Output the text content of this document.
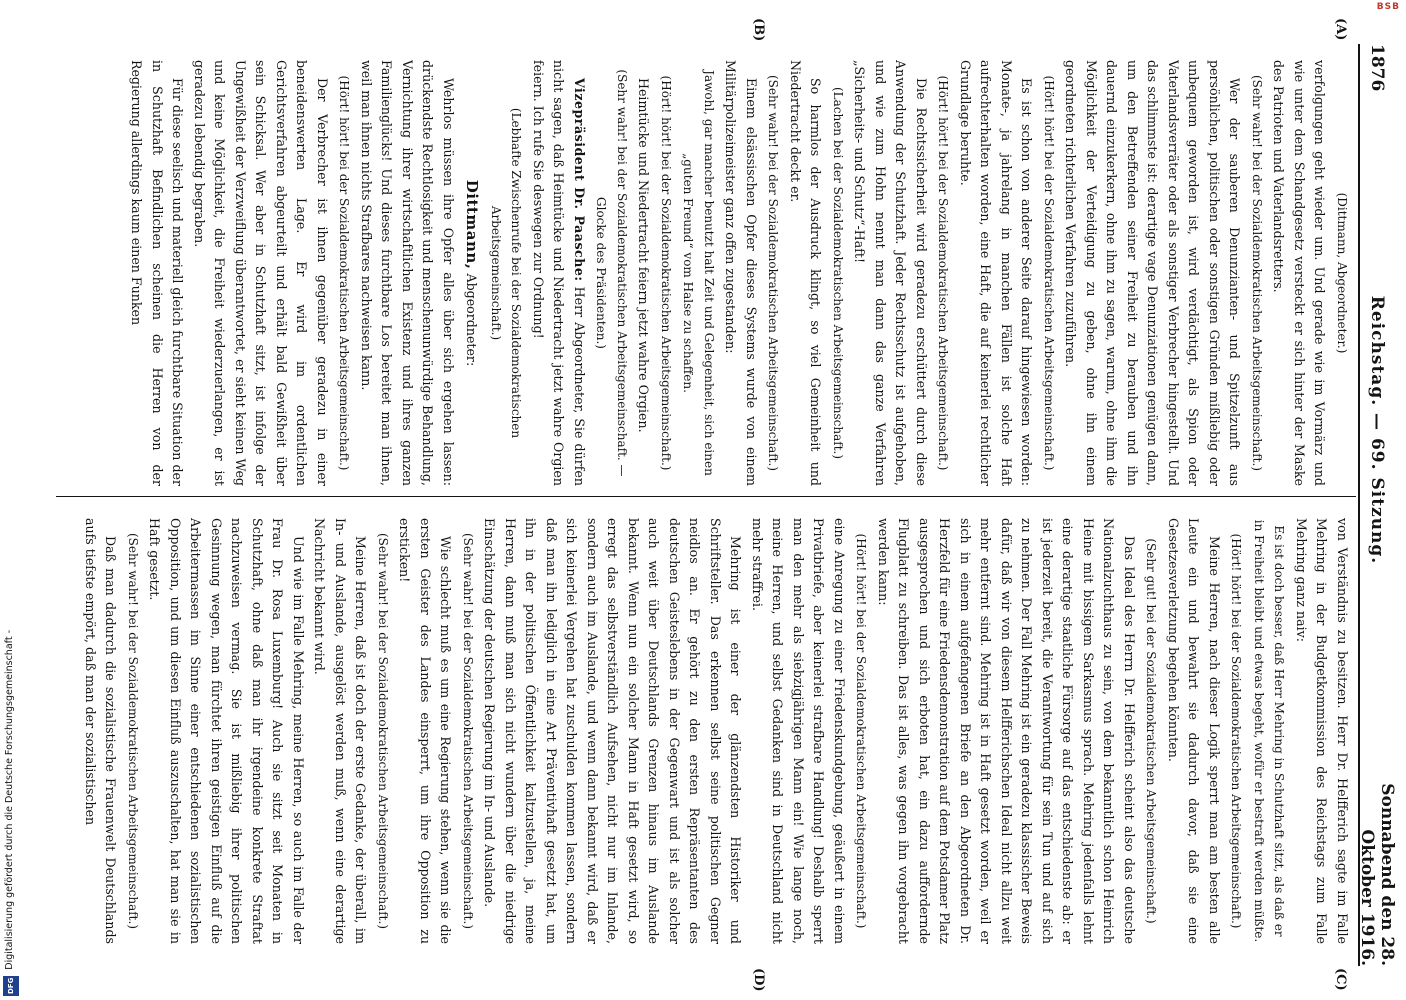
1876
Reichstag. — 69. Sitzung.
Sonnabend den 28. Oktober 1916.
(A)
(B)
(C)
(D)

(Dittmann, Abgeordneter.)

verfolgungen geht wieder um. Und gerade wie im Vormärz und wie unter dem Schandgesetz versteckt er sich hinter der Maske des Patrioten und Vaterlandsretters.

(Sehr wahr! bei der Sozialdemokratischen Arbeitsgemeinschaft.)

Wer der sauberen Denunzianten- und Spitzelzunft aus persönlichen, politischen oder sonstigen Gründen mißliebig oder unbequem geworden ist, wird verdächtigt, als Spion oder Vaterlandsverräter oder als sonstiger Verbrecher hingestellt. Und das schlimmste ist: derartige vage Denunziationen genügen dann, um den Betreffenden seiner Freiheit zu berauben und ihn dauernd einzukerkern, ohne ihm zu sagen, warum, ohne ihm die Möglichkeit der Verteidigung zu geben, ohne ihn einem geordneten richterlichen Verfahren zuzuführen.

(Hört! hört! bei der Sozialdemokratischen Arbeitsgemeinschaft.)

Es ist schon von anderer Seite darauf hingewiesen worden: Monate-, ja jahrelang in manchen Fällen ist solche Haft aufrechterhalten worden, eine Haft, die auf keinerlei rechtlicher Grundlage beruhte.

(Hört! hört! bei der Sozialdemokratischen Arbeitsgemeinschaft.)

Die Rechtssicherheit wird geradezu erschüttert durch diese Anwendung der Schutzhaft. Jeder Rechtsschutz ist aufgehoben, und wie zum Hohn nennt man dann das ganze Verfahren „Sicherheits- und Schutz“-Haft!

(Lachen bei der Sozialdemokratischen Arbeitsgemeinschaft.)

So harmlos der Ausdruck klingt, so viel Gemeinheit und Niedertracht deckt er.

(Sehr wahr! bei der Sozialdemokratischen Arbeitsgemeinschaft.)

Einem elsässischen Opfer dieses Systems wurde von einem Militärpolizeimeister ganz offen zugestanden:

Jawohl, gar mancher benutzt halt Zeit und Gelegenheit, sich einen „guten Freund“ vom Halse zu schaffen.

(Hört! hört! bei der Sozialdemokratischen Arbeitsgemeinschaft.)

Heimtücke und Niedertracht feiern jetzt wahre Orgien.

(Sehr wahr! bei der Sozialdemokratischen Arbeitsgemeinschaft. — Glocke des Präsidenten.)

Vizepräsident Dr. Paasche: Herr Abgeordneter, Sie dürfen nicht sagen, daß Heimtücke und Niedertracht jetzt wahre Orgien feiern. Ich rufe Sie deswegen zur Ordnung!

(Lebhafte Zwischenrufe bei der Sozialdemokratischen Arbeitsgemeinschaft.)

Dittmann, Abgeordneter:

Wehrlos müssen ihre Opfer alles über sich ergehen lassen: drückendste Rechtlosigkeit und menschenunwürdige Behandlung, Vernichtung ihrer wirtschaftlichen Existenz und ihres ganzen Familienglücks! Und dieses furchtbare Los bereitet man ihnen, weil man ihnen nichts Strafbares nachweisen kann.

(Hört! hört! bei der Sozialdemokratischen Arbeitsgemeinschaft.)

Der Verbrecher ist ihnen gegenüber geradezu in einer beneidenswerten Lage. Er wird im ordentlichen Gerichtsverfahren abgeurteilt und erhält bald Gewißheit über sein Schicksal. Wer aber in Schutzhaft sitzt, ist infolge der Ungewißheit der Verzweiflung überantwortet, er sieht keinen Weg und keine Möglichkeit, die Freiheit wiederzuerlangen, er ist geradezu lebendig begraben.

Für diese seelisch und materiell gleich furchtbare Situation der in Schutzhaft Befindlichen scheinen die Herren von der Regierung allerdings kaum einen Funken

von Verständnis zu besitzen. Herr Dr. Helfferich sagte im Falle Mehring in der Budgetkommission des Reichstags zum Falle Mehring ganz naiv:

Es ist doch besser, daß Herr Mehring in Schutzhaft sitzt, als daß er in Freiheit bleibt und etwas begeht, wofür er bestraft werden müßte.

(Hört! hört! bei der Sozialdemokratischen Arbeitsgemeinschaft.)

Meine Herren, nach dieser Logik sperrt man am besten alle Leute ein und bewahrt sie dadurch davor, daß sie eine Gesetzesverletzung begehen könnten.

(Sehr gut! bei der Sozialdemokratischen Arbeitsgemeinschaft.)

Das Ideal des Herrn Dr. Helfferich scheint also das deutsche Nationalzuchthaus zu sein, von dem bekanntlich schon Heinrich Heine mit bissigem Sarkasmus sprach. Mehring jedenfalls lehnt eine derartige staatliche Fürsorge auf das entschiedenste ab: er ist jederzeit bereit, die Verantwortung für sein Tun und auf sich zu nehmen. Der Fall Mehring ist ein geradezu klassischer Beweis dafür, daß wir von diesem Helfferichschen Ideal nicht allzu weit mehr entfernt sind. Mehring ist in Haft gesetzt worden, weil er sich in einem aufgefangenen Briefe an den Abgeordneten Dr. Herzfeld für eine Friedensdemonstration auf dem Potsdamer Platz ausgesprochen und sich erboten hat, ein dazu auffordernde Flugblatt zu schreiben. Das ist alles, was gegen ihn vorgebracht werden kann:

(Hört! hört! bei der Sozialdemokratischen Arbeitsgemeinschaft.)

eine Anregung zu einer Friedenskundgebung, geäußert in einem Privatbriefe, aber keinerlei strafbare Handlung! Deshalb sperrt man den mehr als siebzigjährigen Mann ein! Wie lange noch, meine Herren, und selbst Gedanken sind in Deutschland nicht mehr straffrei.

Mehring ist einer der glänzendsten Historiker und Schriftsteller. Das erkennen selbst seine politischen Gegner neidlos an. Er gehört zu den ersten Repräsentanten des deutschen Geisteslebens in der Gegenwart und ist als solcher auch weit über Deutschlands Grenzen hinaus im Auslande bekannt. Wenn nun ein solcher Mann in Haft gesetzt wird, so erregt das selbstverständlich Aufsehen, nicht nur im Inlande, sondern auch im Auslande, und wenn dann bekannt wird, daß er sich keinerlei Vergehen hat zuschulden kommen lassen, sondern daß man ihn lediglich in eine Art Präventivhaft gesetzt hat, um ihn in der politischen Öffentlichkeit kaltzustellen, ja, meine Herren, dann muß man sich nicht wundern über die niedrige Einschätzung der deutschen Regierung im In- und Auslande.

(Sehr wahr! bei der Sozialdemokratischen Arbeitsgemeinschaft.)

Wie schlecht muß es um eine Regierung stehen, wenn sie die ersten Geister des Landes einsperrt, um ihre Opposition zu ersticken!

(Sehr wahr! bei der Sozialdemokratischen Arbeitsgemeinschaft.)

Meine Herren, daß ist doch der erste Gedanke, der überall, im In- und Auslande, ausgelöst werden muß, wenn eine derartige Nachricht bekannt wird.

Und wie im Falle Mehring, meine Herren, so auch im Falle der Frau Dr. Rosa Luxemburg! Auch sie sitzt seit Monaten in Schutzhaft, ohne daß man ihr irgendeine konkrete Straftat nachzuweisen vermag. Sie ist mißliebig ihrer politischen Gesinnung wegen, man fürchtet ihren geistigen Einfluß auf die Arbeitermassen im Sinne einer entschiedenen sozialistischen Opposition, und um diesen Einfluß auszuschalten, hat man sie in Haft gesetzt.

(Sehr wahr! bei der Sozialdemokratischen Arbeitsgemeinschaft.)

Daß man dadurch die sozialistische Frauenwelt Deutschlands aufs tiefste empört, daß man der sozialistischen

Digitalisierung gefördert durch die Deutsche Forschungsgemeinschaft -
DFG
BSB
